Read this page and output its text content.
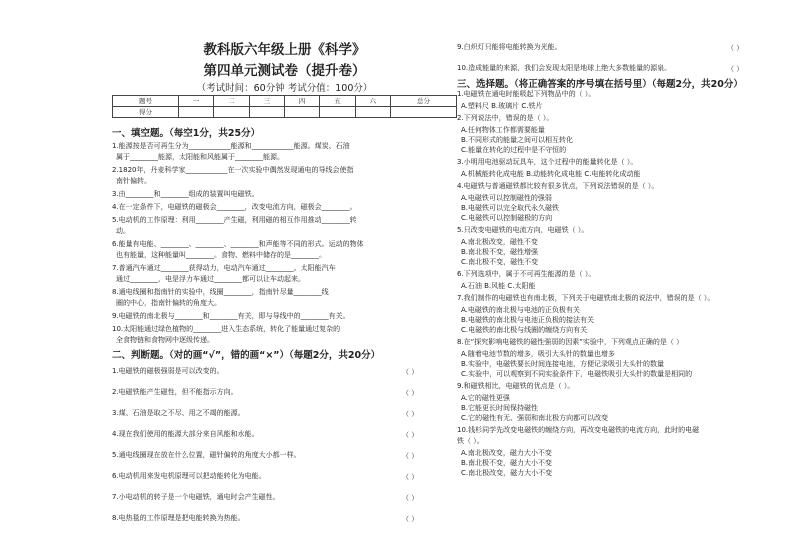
教科版六年级上册《科学》
第四单元测试卷（提升卷）
（考试时间：60分钟 考试分值：100分）
题号	一	二	三	四	五	六	总分
得分							
一、填空题。（每空1分，共25分）
1.能源按是否可再生分为____________能源和____________能源。煤炭、石油
属于________能源，太阳能和风能属于________能源。
2.1820年，丹麦科学家____________在一次实验中偶然发现通电的导线会使指
南针偏转。
3.由________和________组成的装置叫电磁铁。
4.在一定条件下，电磁铁的磁极会________，改变电流方向，磁极会________。
5.电动机的工作原理：利用________产生磁，利用磁的相互作用推动________转
动。
6.能量有电能、________、________、________和声能等不同的形式。运动的物体
也有能量，这种能量叫________。食物、燃料中储存的是________。
7.普通汽车通过________获得动力，电动汽车通过________。太阳能汽车
通过________，电是浮力车通过________都可以让车动起来。
8.通电线圈和指南针的实验中，线圈________，指南针尽量________线
圈的中心，指南针偏转的角度大。
9.电磁铁的南北极与________和________有关，即与导线中的________有关。
10.太阳能通过绿色植物的________进入生态系统，转化了能量通过复杂的
全食物链和食物网中逐级传递。
二、判断题。（对的画“√”，错的画“×”）（每题2分，共20分）
1.电磁铁的磁极强弱是可以改变的。	（ ）
2.电磁铁能产生磁性，但不能指示方向。	（ ）
3.煤、石油是取之不尽、用之不竭的能源。	（ ）
4.现在我们使用的能源大部分来自风能和水能。	（ ）
5.通电线圈现在放在什么位置，磁针偏转的角度大小都一样。	（ ）
6.电动机用来发电机原理可以把动能转化为电能。	（ ）
7.小电动机的转子是一个电磁铁，通电时会产生磁性。	（ ）
8.电热毯的工作原理是把电能转换为热能。	（ ）
9.白炽灯只能将电能转换为光能。	（ ）
10.造成能量的来源，我们会发现太阳是地球上绝大多数能量的源泉。	（ ）
三、选择题。（将正确答案的序号填在括号里）（每题2分，共20分）
1.电磁铁在通电时能吸起下列物品中的（ ）。
A.塑料尺 B.玻璃片 C.铁片
2.下列说法中，错误的是（ ）。
A.任何物体工作都需要能量
B.不同形式的能量之间可以相互转化
C.能量在转化的过程中是不守恒的
3.小明用电池驱动玩具车，这个过程中的能量转化是（ ）。
A.机械能转化成电能 B.动能转化成电能 C.电能转化成动能
4.电磁铁与普通磁铁都比较有很多优点，下列说法错误的是（ ）。
A.电磁铁可以控制磁性的强弱
B.电磁铁可以完全取代永久磁铁
C.电磁铁可以控制磁极的方向
5.只改变电磁铁的电流方向，电磁铁（ ）。
A.南北极改变，磁性不变
B.南北极不变，磁性增强
C.南北极不变，磁性不变
6.下列选项中，属于不可再生能源的是（ ）。
A.石油 B.风能 C.太阳能
7.我们制作的电磁铁也有南北极，下列关于电磁铁南北极的说法中，错误的是（ ）。
A.电磁铁的南北极与电池的正负极有关
B.电磁铁的南北极与电池正负极的接法有关
C.电磁铁的南北极与线圈的缠绕方向有关
8.在“探究影响电磁铁的磁性强弱的因素”实验中，下列观点正确的是（ ）
A.随着电池节数的增多，吸引大头针的数量也增多
B.实验中，电磁铁要长时间连接电池，方便记录吸引大头针的数量
C.实验中，可以观察到不同实验条件下，电磁铁吸引大头针的数量是相同的
9.和磁铁相比，电磁铁的优点是（ ）。
A.它的磁性更强
B.它能更长时间保持磁性
C.它的磁性有无、强弱和南北极方向都可以改变
10.钱杉同学先改变电磁铁的缠绕方向，再改变电磁铁的电流方向，此时的电磁
铁（ ）。
A.南北极改变，磁力大小不变
B.南北极不变，磁力大小不变
C.南北极改变，磁力大小不变
